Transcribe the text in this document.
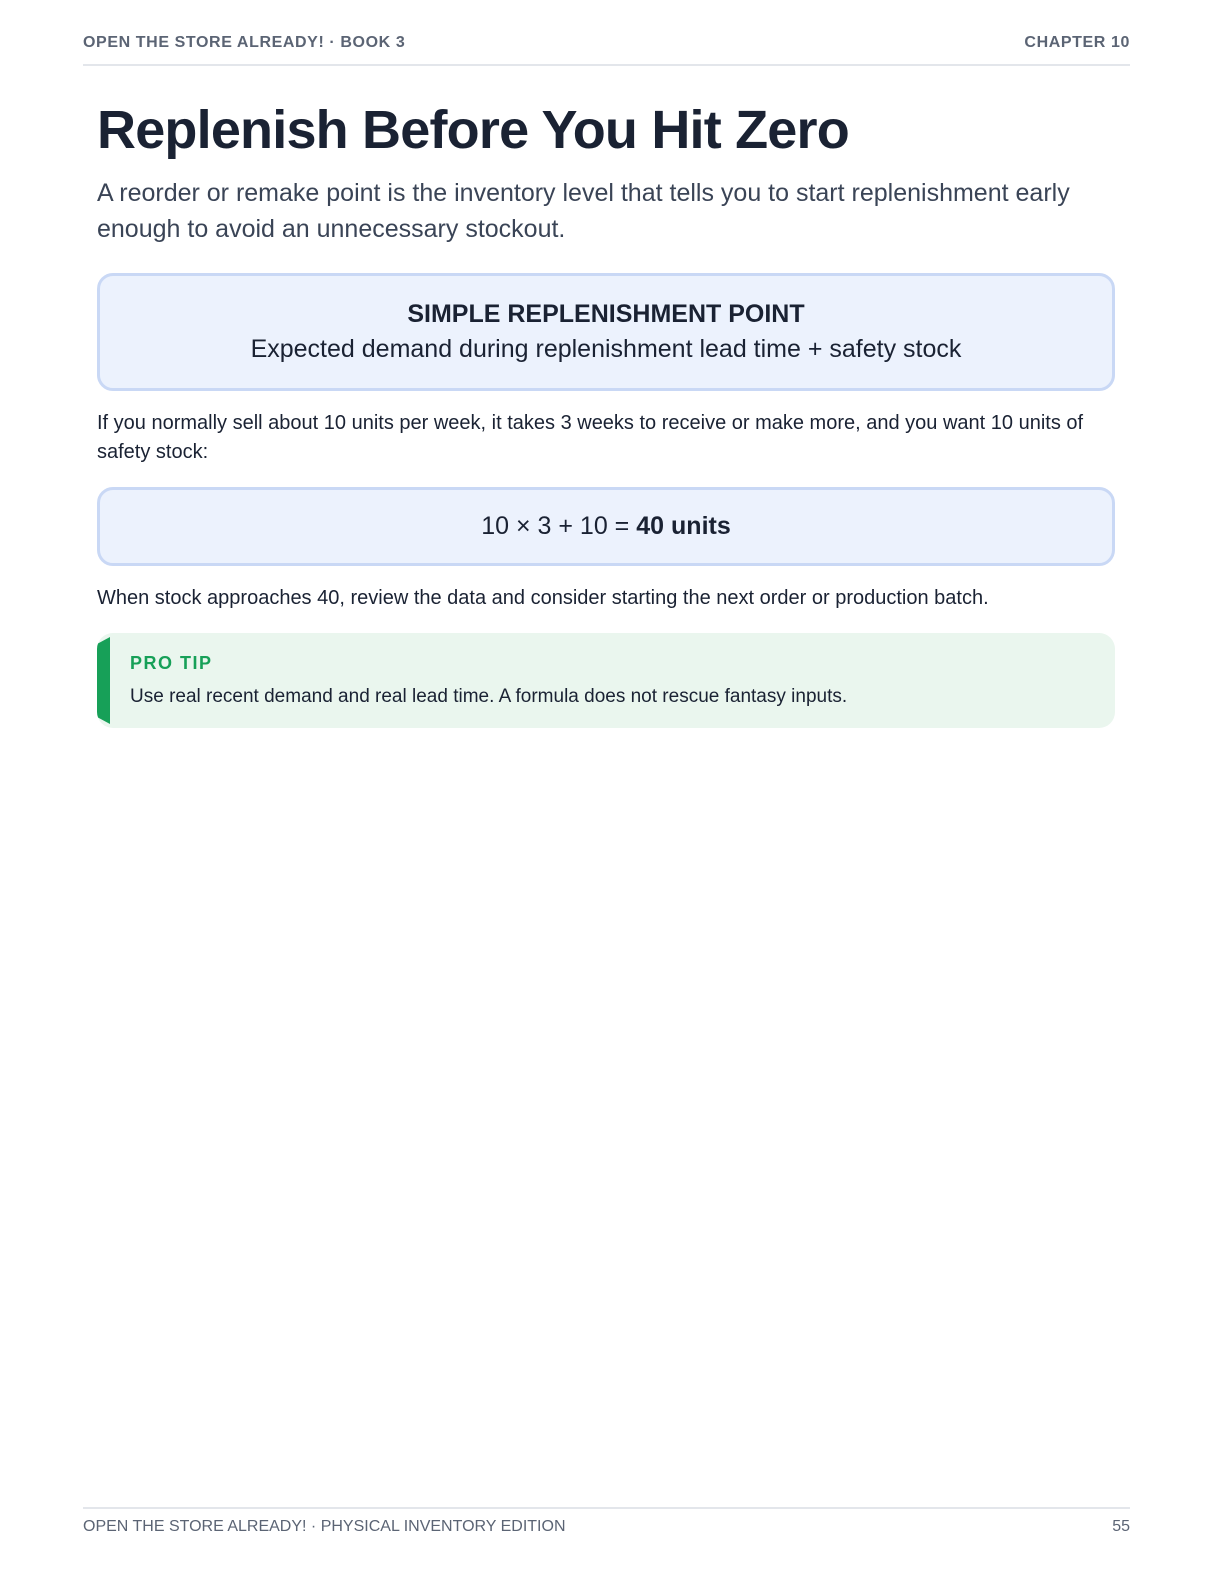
OPEN THE STORE ALREADY! · BOOK 3	CHAPTER 10
Replenish Before You Hit Zero

A reorder or remake point is the inventory level that tells you to start replenishment early enough to avoid an unnecessary stockout.

SIMPLE REPLENISHMENT POINT
Expected demand during replenishment lead time + safety stock

If you normally sell about 10 units per week, it takes 3 weeks to receive or make more, and you want 10 units of safety stock:

10 × 3 + 10 = 40 units

When stock approaches 40, review the data and consider starting the next order or production batch.

PRO TIP
Use real recent demand and real lead time. A formula does not rescue fantasy inputs.
OPEN THE STORE ALREADY! · PHYSICAL INVENTORY EDITION	55
